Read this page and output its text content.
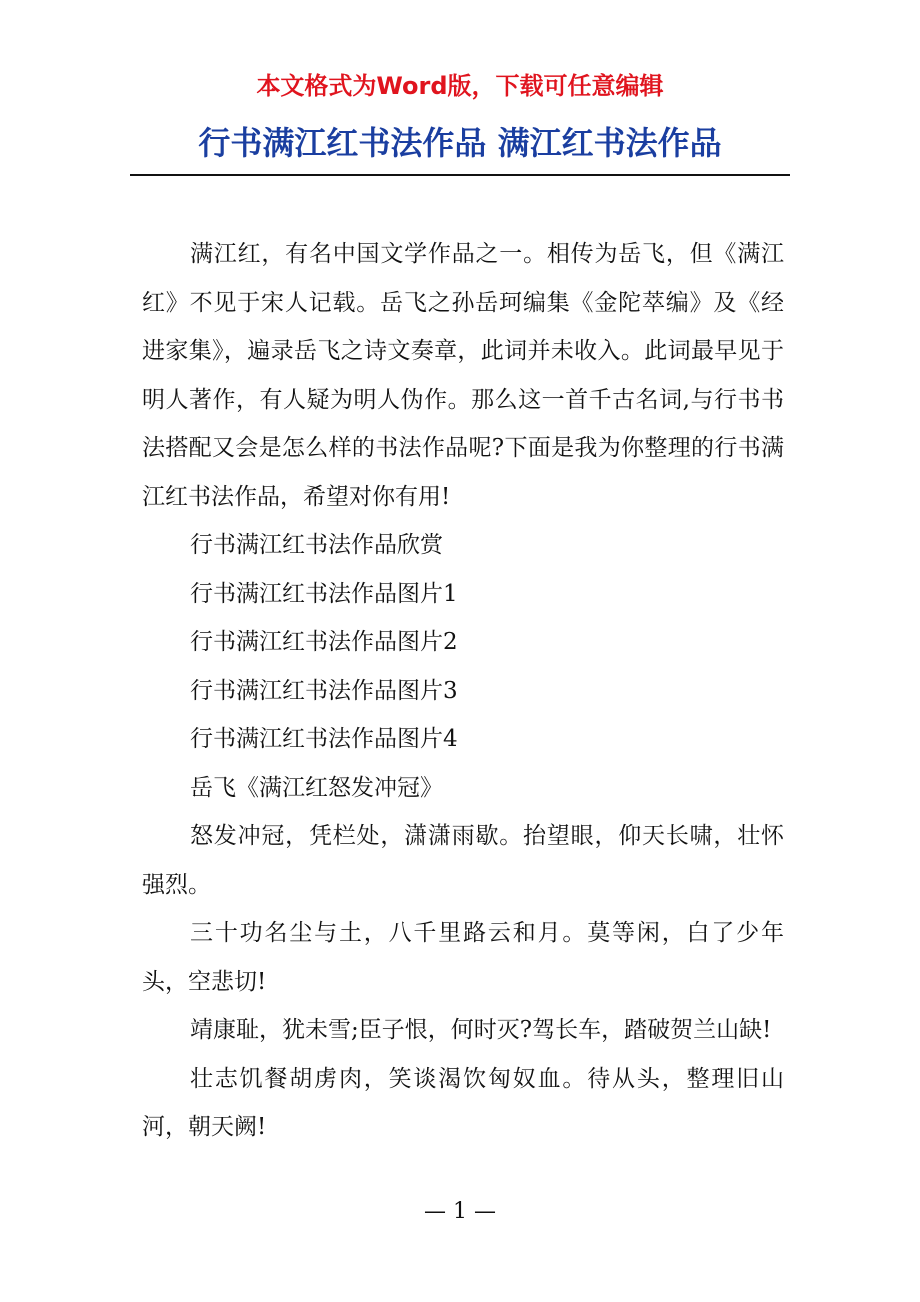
本文格式为Word版，下载可任意编辑
行书满江红书法作品 满江红书法作品

满江红，有名中国文学作品之一。相传为岳飞，但《满江红》不见于宋人记载。岳飞之孙岳珂编集《金陀萃编》及《经进家集》，遍录岳飞之诗文奏章，此词并未收入。此词最早见于明人著作，有人疑为明人伪作。那么这一首千古名词,与行书书法搭配又会是怎么样的书法作品呢?下面是我为你整理的行书满江红书法作品，希望对你有用!

行书满江红书法作品欣赏

行书满江红书法作品图片1

行书满江红书法作品图片2

行书满江红书法作品图片3

行书满江红书法作品图片4

岳飞《满江红怒发冲冠》

怒发冲冠，凭栏处，潇潇雨歇。抬望眼，仰天长啸，壮怀强烈。

三十功名尘与土，八千里路云和月。莫等闲，白了少年头，空悲切!

靖康耻，犹未雪;臣子恨，何时灭?驾长车，踏破贺兰山缺!

壮志饥餐胡虏肉，笑谈渴饮匈奴血。待从头，整理旧山河，朝天阙!

— 1 —
